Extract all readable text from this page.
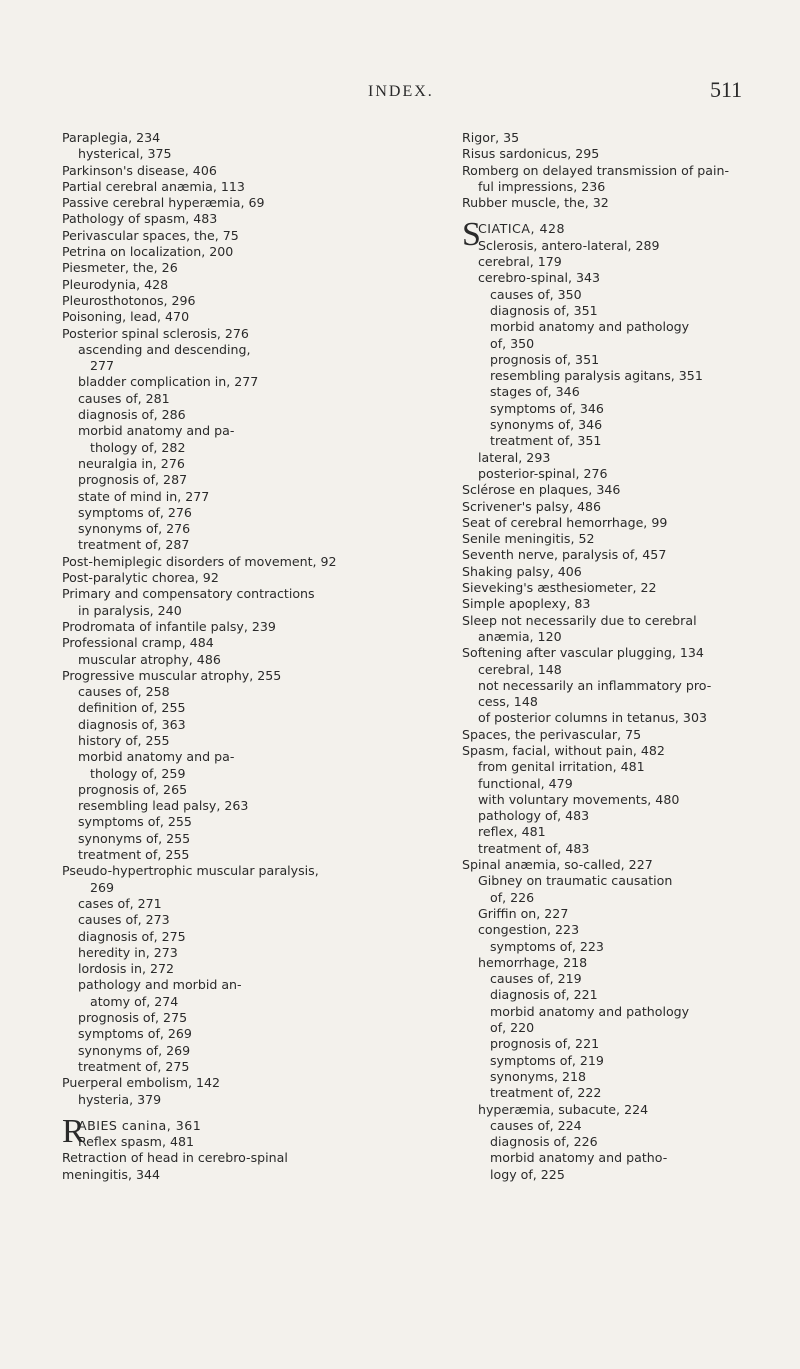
INDEX.	511
Paraplegia, 234
hysterical, 375
Parkinson's disease, 406
Partial cerebral anæmia, 113
Passive cerebral hyperæmia, 69
Pathology of spasm, 483
Perivascular spaces, the, 75
Petrina on localization, 200
Piesmeter, the, 26
Pleurodynia, 428
Pleurosthotonos, 296
Poisoning, lead, 470
Posterior spinal sclerosis, 276
ascending and descending,
277
bladder complication in, 277
causes of, 281
diagnosis of, 286
morbid anatomy and pa-
thology of, 282
neuralgia in, 276
prognosis of, 287
state of mind in, 277
symptoms of, 276
synonyms of, 276
treatment of, 287
Post-hemiplegic disorders of movement, 92
Post-paralytic chorea, 92
Primary and compensatory contractions
in paralysis, 240
Prodromata of infantile palsy, 239
Professional cramp, 484
muscular atrophy, 486
Progressive muscular atrophy, 255
causes of, 258
definition of, 255
diagnosis of, 363
history of, 255
morbid anatomy and pa-
thology of, 259
prognosis of, 265
resembling lead palsy, 263
symptoms of, 255
synonyms of, 255
treatment of, 255
Pseudo-hypertrophic muscular paralysis,
269
cases of, 271
causes of, 273
diagnosis of, 275
heredity in, 273
lordosis in, 272
pathology and morbid an-
atomy of, 274
prognosis of, 275
symptoms of, 269
synonyms of, 269
treatment of, 275
Puerperal embolism, 142
hysteria, 379
R
ABIES canina, 361
Reflex spasm, 481
Retraction of head in cerebro-spinal
meningitis, 344
Rigor, 35
Risus sardonicus, 295
Romberg on delayed transmission of pain-
ful impressions, 236
Rubber muscle, the, 32
S
CIATICA, 428
Sclerosis, antero-lateral, 289
cerebral, 179
cerebro-spinal, 343
causes of, 350
diagnosis of, 351
morbid anatomy and pathology
of, 350
prognosis of, 351
resembling paralysis agitans, 351
stages of, 346
symptoms of, 346
synonyms of, 346
treatment of, 351
lateral, 293
posterior-spinal, 276
Sclérose en plaques, 346
Scrivener's palsy, 486
Seat of cerebral hemorrhage, 99
Senile meningitis, 52
Seventh nerve, paralysis of, 457
Shaking palsy, 406
Sieveking's æsthesiometer, 22
Simple apoplexy, 83
Sleep not necessarily due to cerebral
anæmia, 120
Softening after vascular plugging, 134
cerebral, 148
not necessarily an inflammatory pro-
cess, 148
of posterior columns in tetanus, 303
Spaces, the perivascular, 75
Spasm, facial, without pain, 482
from genital irritation, 481
functional, 479
with voluntary movements, 480
pathology of, 483
reflex, 481
treatment of, 483
Spinal anæmia, so-called, 227
Gibney on traumatic causation
of, 226
Griffin on, 227
congestion, 223
symptoms of, 223
hemorrhage, 218
causes of, 219
diagnosis of, 221
morbid anatomy and pathology
of, 220
prognosis of, 221
symptoms of, 219
synonyms, 218
treatment of, 222
hyperæmia, subacute, 224
causes of, 224
diagnosis of, 226
morbid anatomy and patho-
logy of, 225
